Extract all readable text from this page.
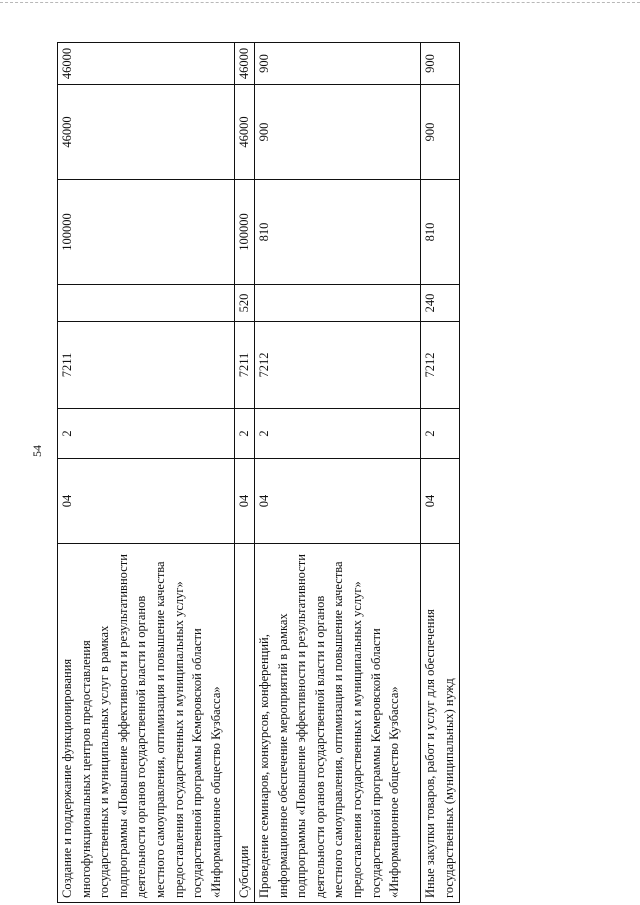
54
Создание и поддержание функционирования многофункциональных центров предоставления государственных и муниципальных услуг в рамках подпрограммы «Повышение эффективности и результативности деятельности органов государственной власти и органов местного самоуправления, оптимизация и повышение качества предоставления государственных и муниципальных услуг» государственной программы Кемеровской области «Информационное общество Кузбасса»	04	2	7211		100000	46000	46000
Субсидии	04	2	7211	520	100000	46000	46000
Проведение семинаров, конкурсов, конференций, информационное обеспечение мероприятий в рамках подпрограммы «Повышение эффективности и результативности деятельности органов государственной власти и органов местного самоуправления, оптимизация и повышение качества предоставления государственных и муниципальных услуг» государственной программы Кемеровской области «Информационное общество Кузбасса»	04	2	7212		810	900	900
Иные закупки товаров, работ и услуг для обеспечения государственных (муниципальных) нужд	04	2	7212	240	810	900	900
